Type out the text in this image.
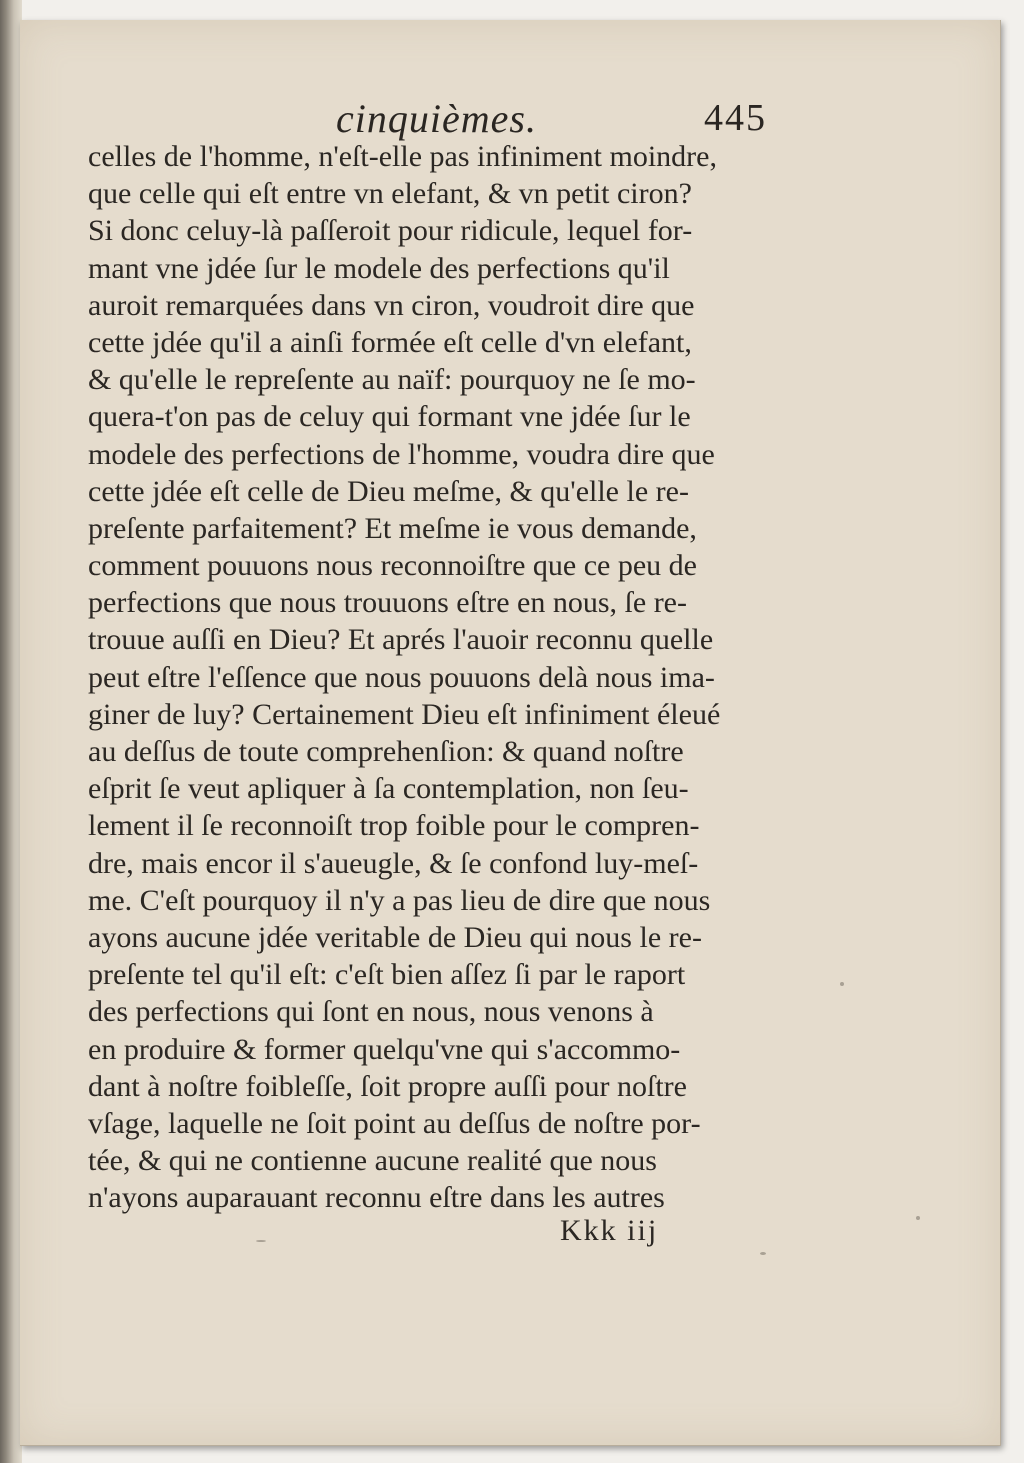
cinquièmes.	445
celles de l'homme, n'eſt-elle pas infiniment moindre,
que celle qui eſt entre vn elefant, & vn petit ciron?
Si donc celuy-là paſſeroit pour ridicule, lequel for-
mant vne jdée ſur le modele des perfections qu'il
auroit remarquées dans vn ciron, voudroit dire que
cette jdée qu'il a ainſi formée eſt celle d'vn elefant,
& qu'elle le repreſente au naïf: pourquoy ne ſe mo-
quera-t'on pas de celuy qui formant vne jdée ſur le
modele des perfections de l'homme, voudra dire que
cette jdée eſt celle de Dieu meſme, & qu'elle le re-
preſente parfaitement? Et meſme ie vous demande,
comment pouuons nous reconnoiſtre que ce peu de
perfections que nous trouuons eſtre en nous, ſe re-
trouue auſſi en Dieu? Et aprés l'auoir reconnu quelle
peut eſtre l'eſſence que nous pouuons delà nous ima-
giner de luy? Certainement Dieu eſt infiniment éleué
au deſſus de toute comprehenſion: & quand noſtre
eſprit ſe veut apliquer à ſa contemplation, non ſeu-
lement il ſe reconnoiſt trop foible pour le compren-
dre, mais encor il s'aueugle, & ſe confond luy-meſ-
me. C'eſt pourquoy il n'y a pas lieu de dire que nous
ayons aucune jdée veritable de Dieu qui nous le re-
preſente tel qu'il eſt: c'eſt bien aſſez ſi par le raport
des perfections qui ſont en nous, nous venons à
en produire & former quelqu'vne qui s'accommo-
dant à noſtre foibleſſe, ſoit propre auſſi pour noſtre
vſage, laquelle ne ſoit point au deſſus de noſtre por-
tée, & qui ne contienne aucune realité que nous
n'ayons auparauant reconnu eſtre dans les autres
Kkk iij
